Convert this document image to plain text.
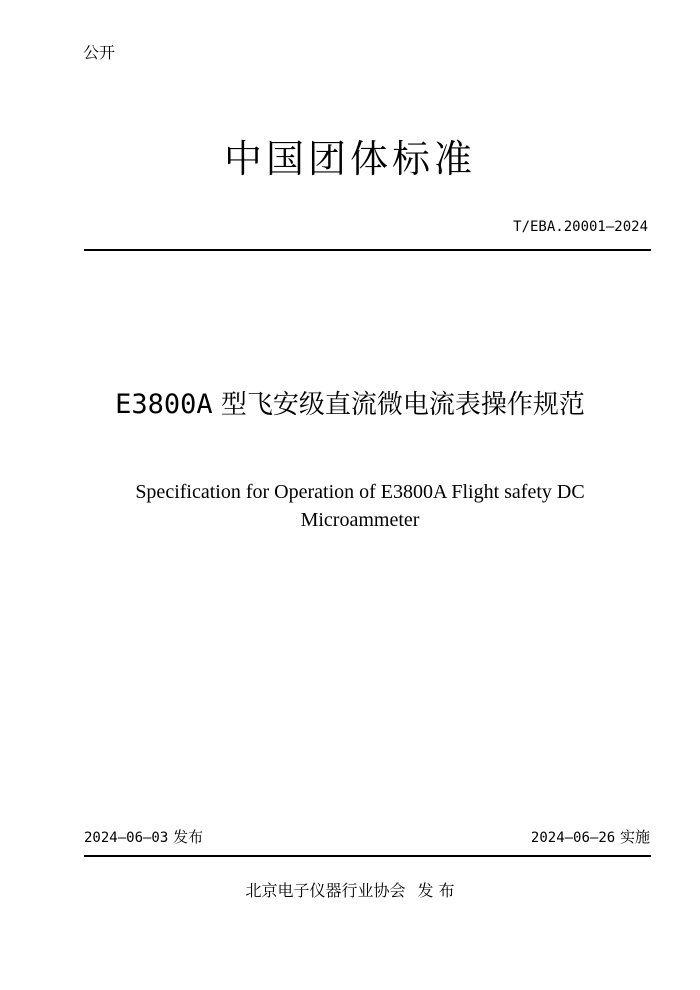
公开
中国团体标准
T/EBA.20001—2024
E3800A 型飞安级直流微电流表操作规范
Specification for Operation of E3800A Flight safety DC
Microammeter
2024—06—03 发布	2024—06—26 实施
北京电子仪器行业协会 发 布
